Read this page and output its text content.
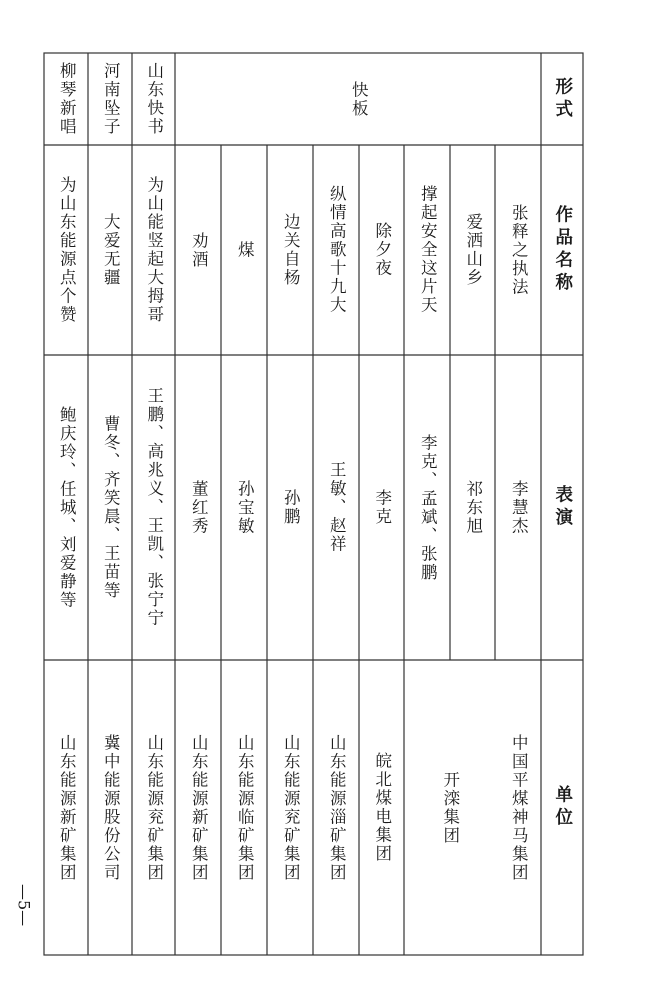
形式
作品名称
表演
单位
快板
山东快书
河南坠子
柳琴新唱
张释之执法
爱洒山乡
撑起安全这片天
除夕夜
纵情高歌十九大
边关自杨
煤
劝酒
为山能竖起大拇哥
大爱无疆
为山东能源点个赞
李慧杰
祁东旭
李克、孟斌、张鹏
李克
王敏、赵祥
孙鹏
孙宝敏
董红秀
王鹏、高兆义、王凯、张宁宁
曹冬、齐笑晨、王苗等
鲍庆玲、任城、刘爱静等
中国平煤神马集团
开滦集团
皖北煤电集团
山东能源淄矿集团
山东能源兖矿集团
山东能源临矿集团
山东能源新矿集团
山东能源兖矿集团
冀中能源股份公司
山东能源新矿集团
—5—
